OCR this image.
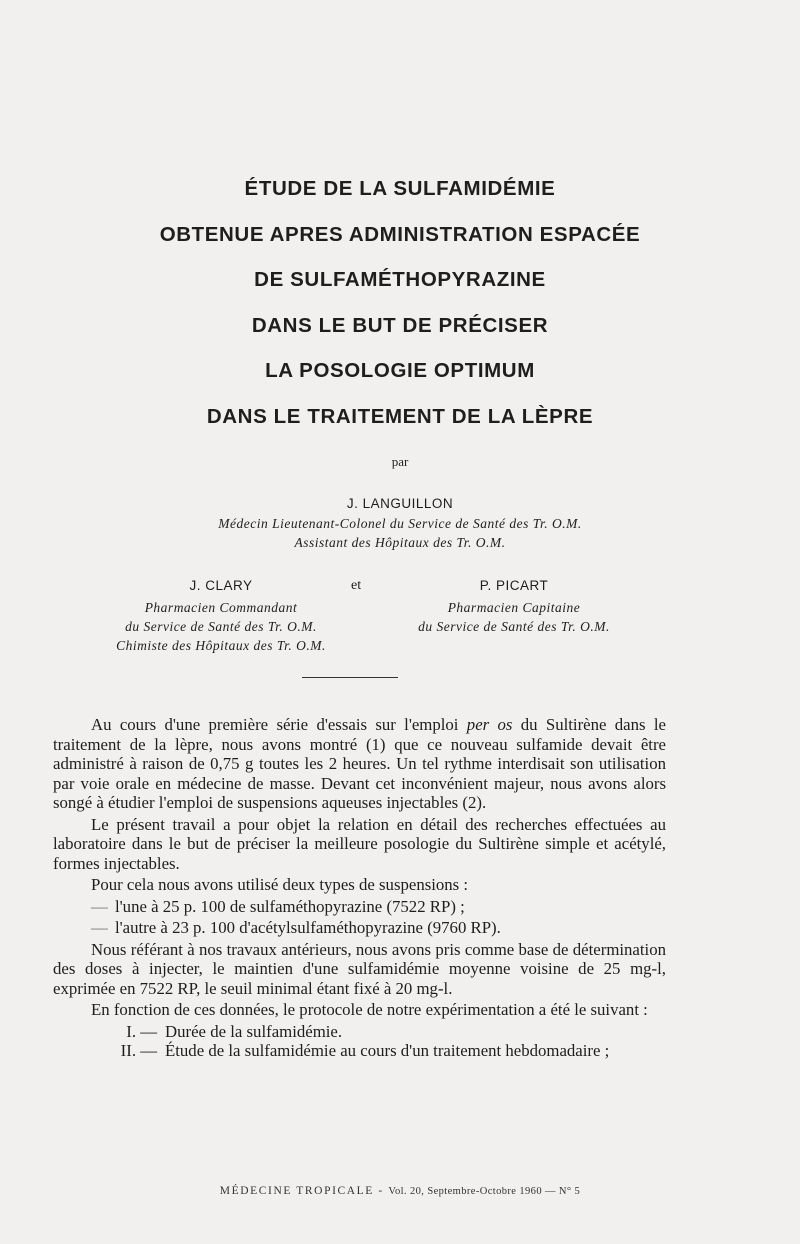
ÉTUDE DE LA SULFAMIDÉMIE
OBTENUE APRES ADMINISTRATION ESPACÉE
DE SULFAMÉTHOPYRAZINE
DANS LE BUT DE PRÉCISER
LA POSOLOGIE OPTIMUM
DANS LE TRAITEMENT DE LA LÈPRE
par
J. LANGUILLON
Médecin Lieutenant-Colonel du Service de Santé des Tr. O.M.
Assistant des Hôpitaux des Tr. O.M.
J. CLARY
Pharmacien Commandant
du Service de Santé des Tr. O.M.
Chimiste des Hôpitaux des Tr. O.M.
et	P. PICART
Pharmacien Capitaine
du Service de Santé des Tr. O.M.

Au cours d'une première série d'essais sur l'emploi per os du Sultirène dans le traitement de la lèpre, nous avons montré (1) que ce nouveau sulfamide devait être administré à raison de 0,75 g toutes les 2 heures. Un tel rythme interdisait son utilisation par voie orale en médecine de masse. Devant cet inconvénient majeur, nous avons alors songé à étudier l'emploi de suspensions aqueuses injectables (2).

Le présent travail a pour objet la relation en détail des recherches effectuées au laboratoire dans le but de préciser la meilleure posologie du Sultirène simple et acétylé, formes injectables.

Pour cela nous avons utilisé deux types de suspensions :

— l'une à 25 p. 100 de sulfaméthopyrazine (7522 RP) ;

— l'autre à 23 p. 100 d'acétylsulfaméthopyrazine (9760 RP).

Nous référant à nos travaux antérieurs, nous avons pris comme base de détermination des doses à injecter, le maintien d'une sulfamidémie moyenne voisine de 25 mg-l, exprimée en 7522 RP, le seuil minimal étant fixé à 20 mg-l.

En fonction de ces données, le protocole de notre expérimentation a été le suivant :

I. — Durée de la sulfamidémie.
II. — Étude de la sulfamidémie au cours d'un traitement hebdomadaire ;
MÉDECINE TROPICALE - Vol. 20, Septembre-Octobre 1960 — N° 5
